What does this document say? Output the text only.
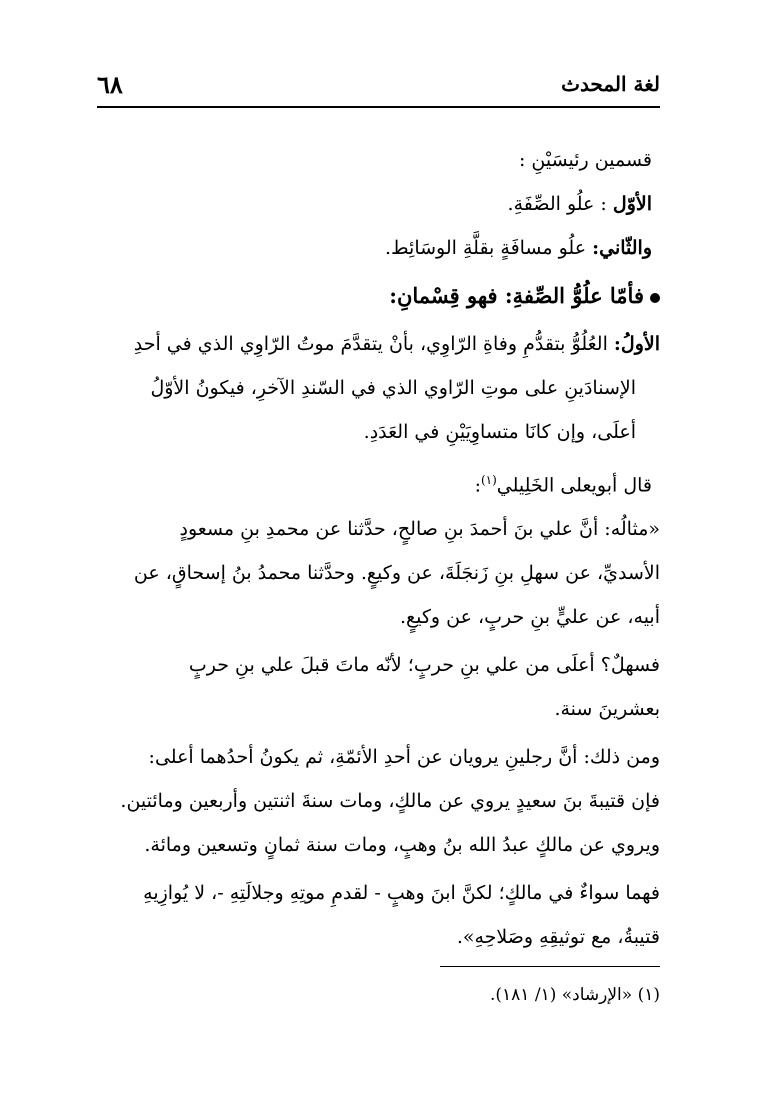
لغة المحدث
٦٨
قسمين رئيسَيْنِ :
الأوّل : علُو الصِّفَةِ.
والثّاني: علُو مسافَةٍ بقلَّةِ الوسَائِط.
فأمّا علُوُّ الصِّفةِ: فهو قِسْمانِ:
الأولُ: العُلُوُّ بتقدُّمِ وفاةِ الرّاوِي، بأنْ يتقدَّمَ موتُ الرّاوِي الذي في أحدِ
الإسنادَينِ على موتِ الرّاوي الذي في السّندِ الآخرِ، فيكونُ الأوّلُ
أعلَى، وإن كانَا متساوِيَيْنِ في العَدَدِ.
قال أبويعلى الخَلِيلي$^{(١)}$:
«مثالُه: أنَّ علي بنَ أحمدَ بنِ صالحٍ، حدَّثنا عن محمدِ بنِ مسعودٍ
الأسديِّ، عن سهلِ بنِ زَنجَلَةَ، عن وكيعٍ. وحدَّثنا محمدُ بنُ إسحاقٍ، عن
أبيه، عن عليٍّ بنِ حربٍ، عن وكيعٍ.
فسهلٌ؟ أعلَى من علي بنِ حربٍ؛ لأنّه ماتَ قبلَ علي بنِ حربٍ
بعشرينَ سنة.
ومن ذلك: أنَّ رجلينِ يرويان عن أحدِ الأئمّةِ، ثم يكونُ أحدُهما أعلى:
فإن قتيبةَ بنَ سعيدٍ يروي عن مالكٍ، ومات سنةَ اثنتين وأربعين ومائتين.
ويروي عن مالكٍ عبدُ الله بنُ وهبٍ، ومات سنة ثمانٍ وتسعين ومائة.
فهما سواءٌ في مالكٍ؛ لكنَّ ابنَ وهبٍ - لقدمِ موتِهِ وجلالَتِهِ -، لا يُوازِيهِ
قتيبةُ، مع توثيقِهِ وصَلاحِهِ».
(١) «الإرشاد» (١/ ١٨١).
